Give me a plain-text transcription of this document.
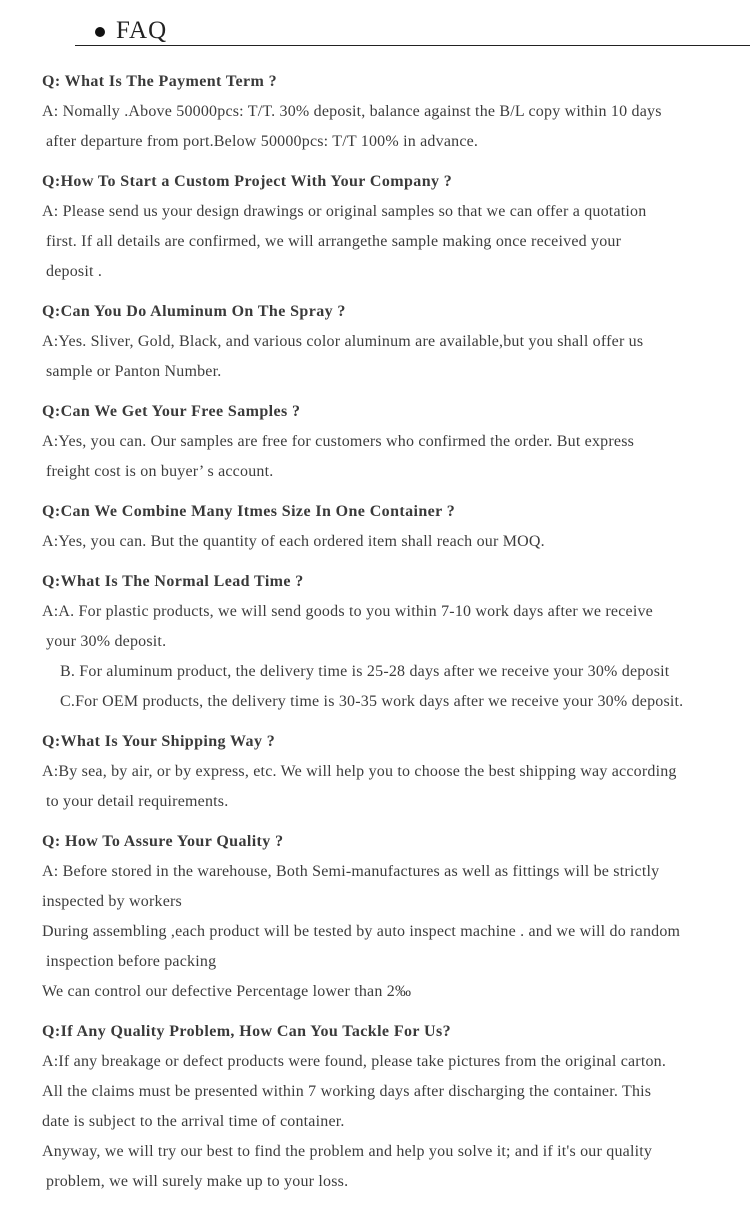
FAQ
Q: What Is The Payment Term ?
A: Nomally .Above 50000pcs: T/T. 30% deposit, balance against the B/L copy within 10 days
after departure from port.Below 50000pcs: T/T 100% in advance.
Q:How To Start a Custom Project With Your Company ?
A: Please send us your design drawings or original samples so that we can offer a quotation
first. If all details are confirmed, we will arrangethe sample making once received your
deposit .
Q:Can You Do Aluminum On The Spray ?
A:Yes. Sliver, Gold, Black, and various color aluminum are available,but you shall offer us
sample or Panton Number.
Q:Can We Get Your Free Samples ?
A:Yes, you can. Our samples are free for customers who confirmed the order. But express
freight cost is on buyer’ s account.
Q:Can We Combine Many Itmes Size In One Container ?
A:Yes, you can. But the quantity of each ordered item shall reach our MOQ.
Q:What Is The Normal Lead Time ?
A:A. For plastic products, we will send goods to you within 7-10 work days after we receive
your 30% deposit.
B. For aluminum product, the delivery time is 25-28 days after we receive your 30% deposit
C.For OEM products, the delivery time is 30-35 work days after we receive your 30% deposit.
Q:What Is Your Shipping Way ?
A:By sea, by air, or by express, etc. We will help you to choose the best shipping way according
to your detail requirements.
Q: How To Assure Your Quality ?
A: Before stored in the warehouse, Both Semi-manufactures as well as fittings will be strictly
inspected by workers
During assembling ,each product will be tested by auto inspect machine . and we will do random
inspection before packing
We can control our defective Percentage lower than 2‰
Q:If Any Quality Problem, How Can You Tackle For Us?
A:If any breakage or defect products were found, please take pictures from the original carton.
All the claims must be presented within 7 working days after discharging the container. This
date is subject to the arrival time of container.
Anyway, we will try our best to find the problem and help you solve it; and if it's our quality
problem, we will surely make up to your loss.
